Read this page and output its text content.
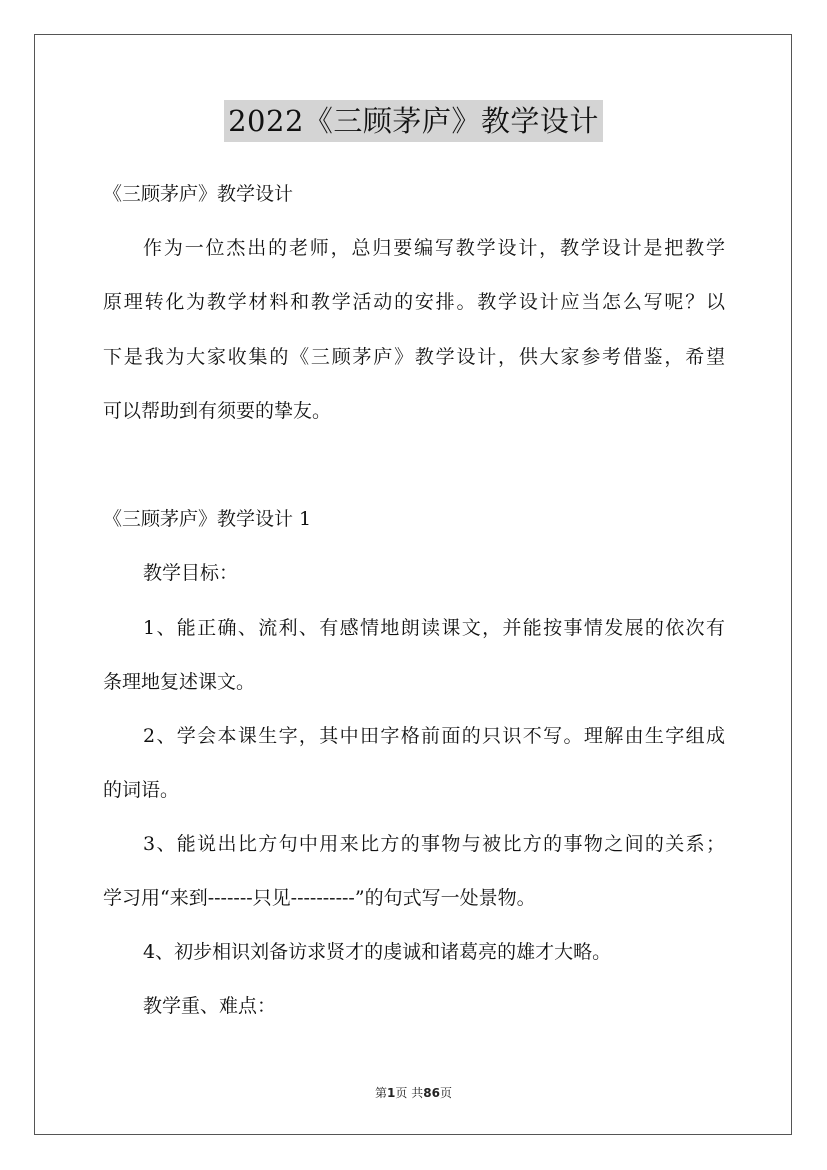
2022《三顾茅庐》教学设计
《三顾茅庐》教学设计
作为一位杰出的老师，总归要编写教学设计，教学设计是把教学
原理转化为教学材料和教学活动的安排。教学设计应当怎么写呢？以
下是我为大家收集的《三顾茅庐》教学设计，供大家参考借鉴，希望
可以帮助到有须要的挚友。
《三顾茅庐》教学设计 1
教学目标：
1、能正确、流利、有感情地朗读课文，并能按事情发展的依次有
条理地复述课文。
2、学会本课生字，其中田字格前面的只识不写。理解由生字组成
的词语。
3、能说出比方句中用来比方的事物与被比方的事物之间的关系；
学习用“来到-------只见----------”的句式写一处景物。
4、初步相识刘备访求贤才的虔诚和诸葛亮的雄才大略。
教学重、难点：
第1页 共86页
